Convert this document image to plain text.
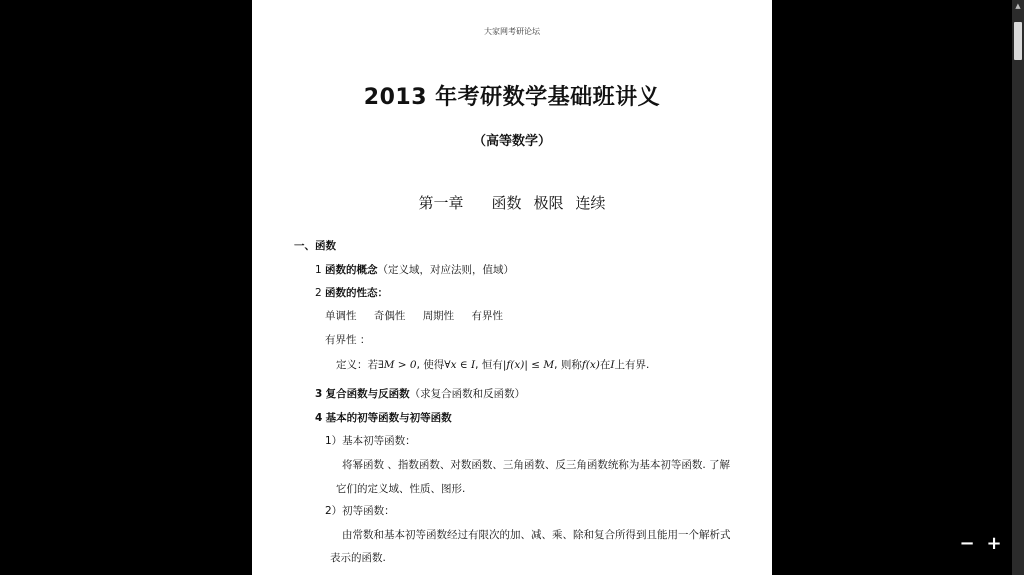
大家网考研论坛
2013 年考研数学基础班讲义
（高等数学）
第一章 函数 极限 连续
一、函数
1 函数的概念（定义域，对应法则，值域）
2 函数的性态：
单调性 奇偶性 周期性 有界性
有界性 ：
定义：若∃M > 0, 使得∀x ∈ I, 恒有|f(x)| ≤ M, 则称f(x)在I上有界.
3 复合函数与反函数（求复合函数和反函数）
4 基本的初等函数与初等函数
1）基本初等函数：
将幂函数 、指数函数、对数函数、三角函数、反三角函数统称为基本初等函数. 了解
它们的定义域、性质、图形.
2）初等函数：
由常数和基本初等函数经过有限次的加、减、乘、除和复合所得到且能用一个解析式
表示的函数.
▲
− +
